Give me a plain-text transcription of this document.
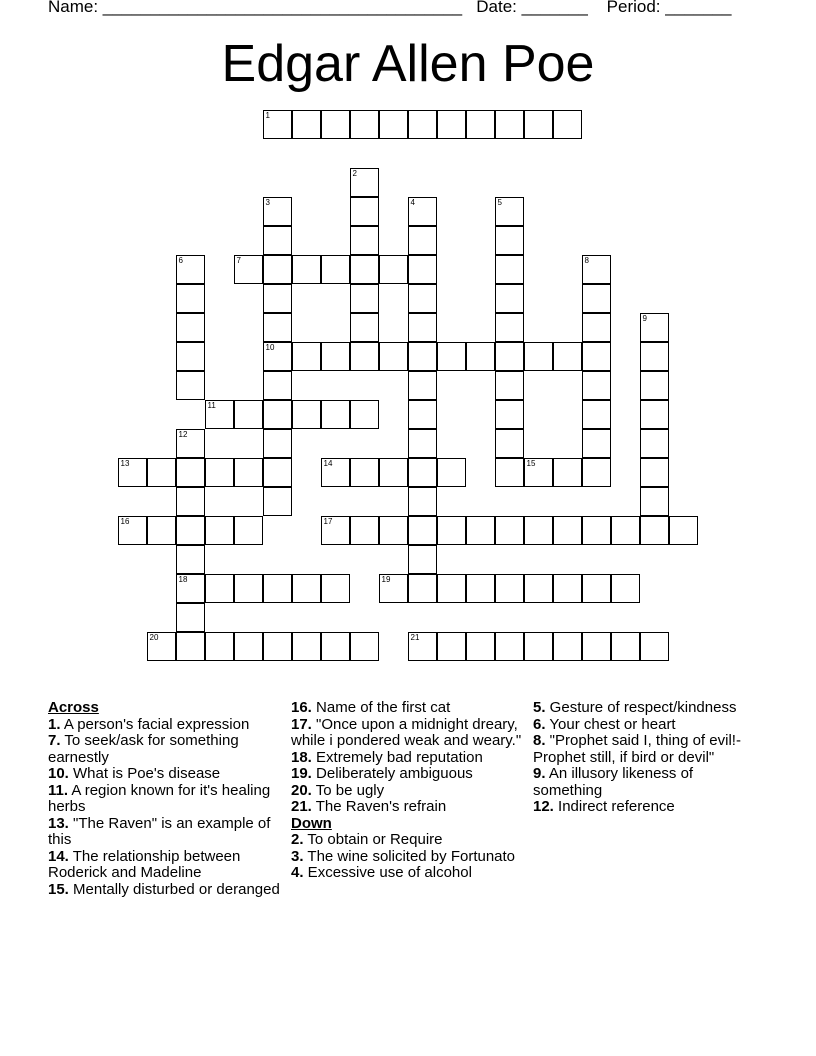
Name: ______________________________________   Date: _______    Period: _______
Edgar Allen Poe
1
2
3
10
4	5
6	7	8
9
11
12
18
13	14	15
16	17
19
20	21
Across
1. A person's facial expression
7. To seek/ask for something earnestly
10. What is Poe's disease
11. A region known for it's healing herbs
13. "The Raven" is an example of this
14. The relationship between Roderick and Madeline
15. Mentally disturbed or deranged
16. Name of the first cat
17. "Once upon a midnight dreary, while i pondered weak and weary."
18. Extremely bad reputation
19. Deliberately ambiguous
20. To be ugly
21. The Raven's refrain
Down
2. To obtain or Require
3. The wine solicited by Fortunato
4. Excessive use of alcohol
5. Gesture of respect/kindness
6. Your chest or heart
8. "Prophet said I, thing of evil!-Prophet still, if bird or devil"
9. An illusory likeness of something
12. Indirect reference
